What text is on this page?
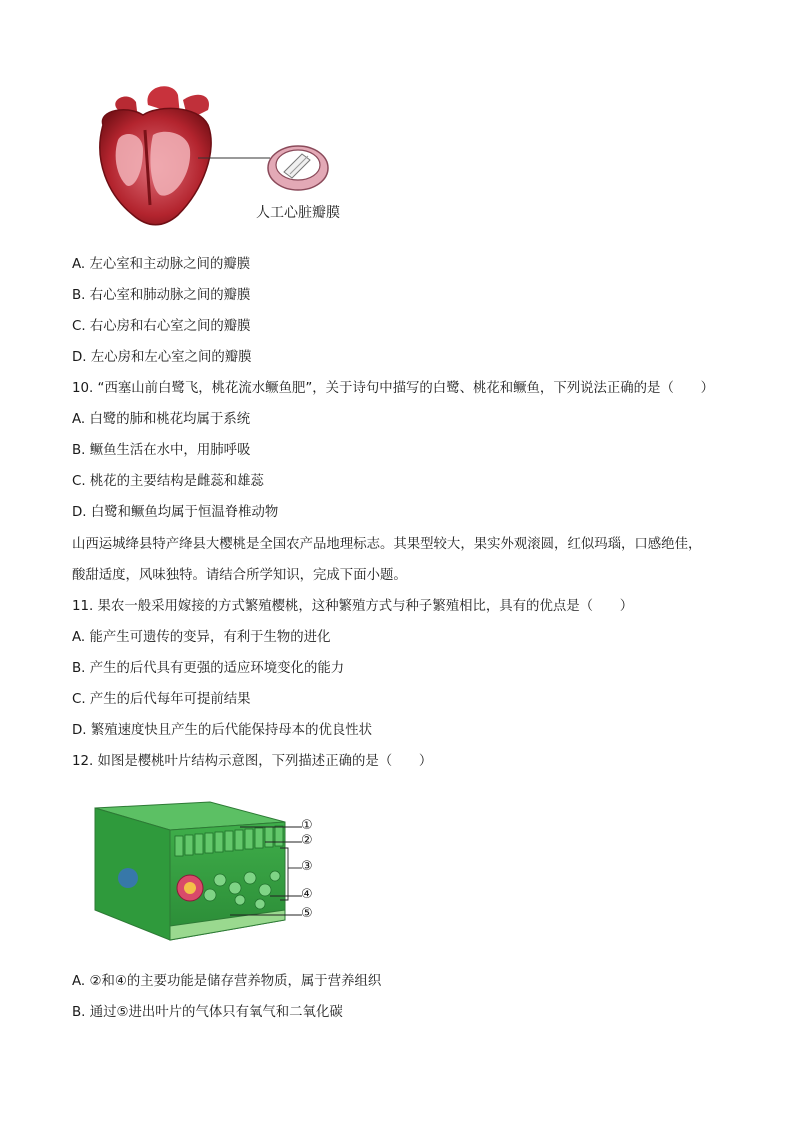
人工心脏瓣膜
A. 左心室和主动脉之间的瓣膜
B. 右心室和肺动脉之间的瓣膜
C. 右心房和右心室之间的瓣膜
D. 左心房和左心室之间的瓣膜
10. “西塞山前白鹭飞，桃花流水鳜鱼肥”，关于诗句中描写的白鹭、桃花和鳜鱼，下列说法正确的是（　　）
A. 白鹭的肺和桃花均属于系统
B. 鳜鱼生活在水中，用肺呼吸
C. 桃花的主要结构是雌蕊和雄蕊
D. 白鹭和鳜鱼均属于恒温脊椎动物
山西运城绛县特产绛县大樱桃是全国农产品地理标志。其果型较大，果实外观滚圆，红似玛瑙，口感绝佳，
酸甜适度，风味独特。请结合所学知识，完成下面小题。
11. 果农一般采用嫁接的方式繁殖樱桃，这种繁殖方式与种子繁殖相比，具有的优点是（　　）
A. 能产生可遗传的变异，有利于生物的进化
B. 产生的后代具有更强的适应环境变化的能力
C. 产生的后代每年可提前结果
D. 繁殖速度快且产生的后代能保持母本的优良性状
12. 如图是樱桃叶片结构示意图，下列描述正确的是（　　）
①
②
③
④
⑤
A. ②和④的主要功能是储存营养物质，属于营养组织
B. 通过⑤进出叶片的气体只有氧气和二氧化碳
